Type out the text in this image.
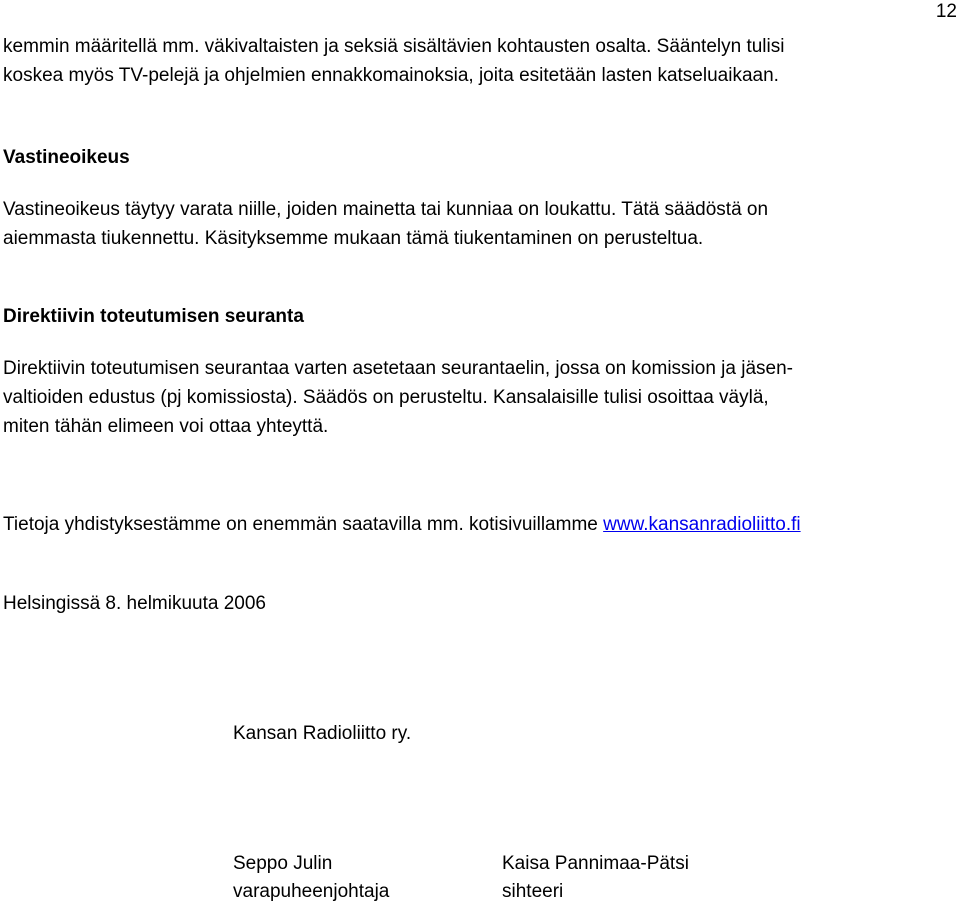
12
kemmin määritellä mm. väkivaltaisten ja seksiä sisältävien kohtausten osalta. Sääntelyn tulisi
koskea myös TV-pelejä ja ohjelmien ennakkomainoksia, joita esitetään lasten katseluaikaan.
Vastineoikeus
Vastineoikeus täytyy varata niille, joiden mainetta tai kunniaa on loukattu. Tätä säädöstä on
aiemmasta tiukennettu. Käsityksemme mukaan tämä tiukentaminen on perusteltua.
Direktiivin toteutumisen seuranta
Direktiivin toteutumisen seurantaa varten asetetaan seurantaelin, jossa on komission ja jäsen-
valtioiden edustus (pj komissiosta). Säädös on perusteltu. Kansalaisille tulisi osoittaa väylä,
miten tähän elimeen voi ottaa yhteyttä.
Tietoja yhdistyksestämme on enemmän saatavilla mm. kotisivuillamme www.kansanradioliitto.fi
Helsingissä 8. helmikuuta 2006
Kansan Radioliitto ry.
Seppo Julin
varapuheenjohtaja
Kaisa Pannimaa-Pätsi
sihteeri
